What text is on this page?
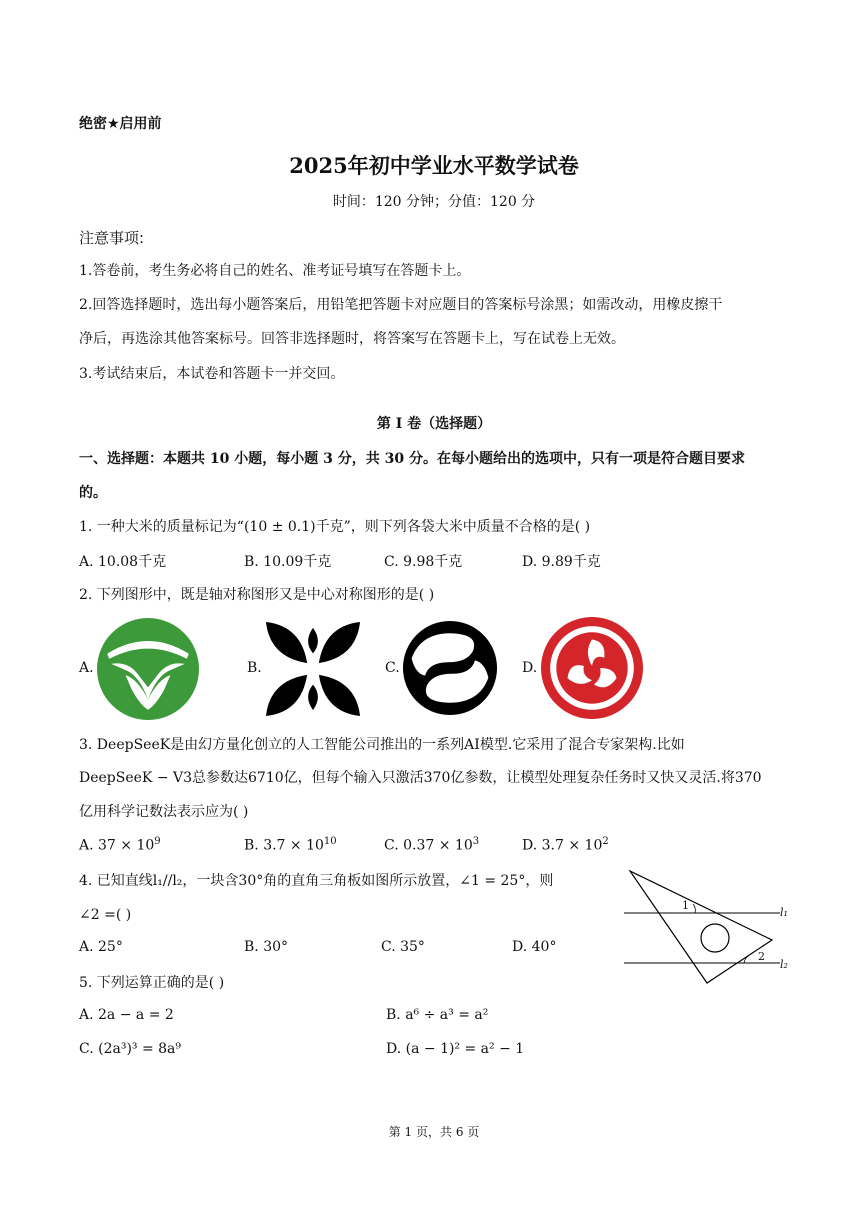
绝密★启用前
2025年初中学业水平数学试卷
时间：120 分钟；分值：120 分
注意事项:
1.答卷前，考生务必将自己的姓名、准考证号填写在答题卡上。
2.回答选择题时，选出每小题答案后，用铅笔把答题卡对应题目的答案标号涂黑；如需改动，用橡皮擦干
净后，再选涂其他答案标号。回答非选择题时，将答案写在答题卡上，写在试卷上无效。
3.考试结束后，本试卷和答题卡一并交回。
第 I 卷（选择题）
一、选择题：本题共 10 小题，每小题 3 分，共 30 分。在每小题给出的选项中，只有一项是符合题目要求
的。
1. 一种大米的质量标记为“(10 ± 0.1)千克”，则下列各袋大米中质量不合格的是( )
A. 10.08千克	B. 10.09千克	C. 9.98千克	D. 9.89千克
2. 下列图形中，既是轴对称图形又是中心对称图形的是( )
A.	B.	C.	D.
3. DeepSeeK是由幻方量化创立的人工智能公司推出的一系列AI模型.它采用了混合专家架构.比如
DeepSeeK − V3总参数达6710亿，但每个输入只激活370亿参数，让模型处理复杂任务时又快又灵活.将370
亿用科学记数法表示应为( )
A. $37 \times 10^9$	B. $3.7 \times 10^{10}$	C. $0.37 \times 10^3$	D. $3.7 \times 10^2$
4. 已知直线l₁//l₂，一块含30°角的直角三角板如图所示放置，∠1 = 25°，则
∠2 =( )
A. 25°	B. 30°	C. 35°	D. 40°
1
2
l₁
l₂
5. 下列运算正确的是( )
A. 2a − a = 2	B. a⁶ ÷ a³ = a²
C. (2a³)³ = 8a⁹	D. (a − 1)² = a² − 1
第 1 页，共 6 页
